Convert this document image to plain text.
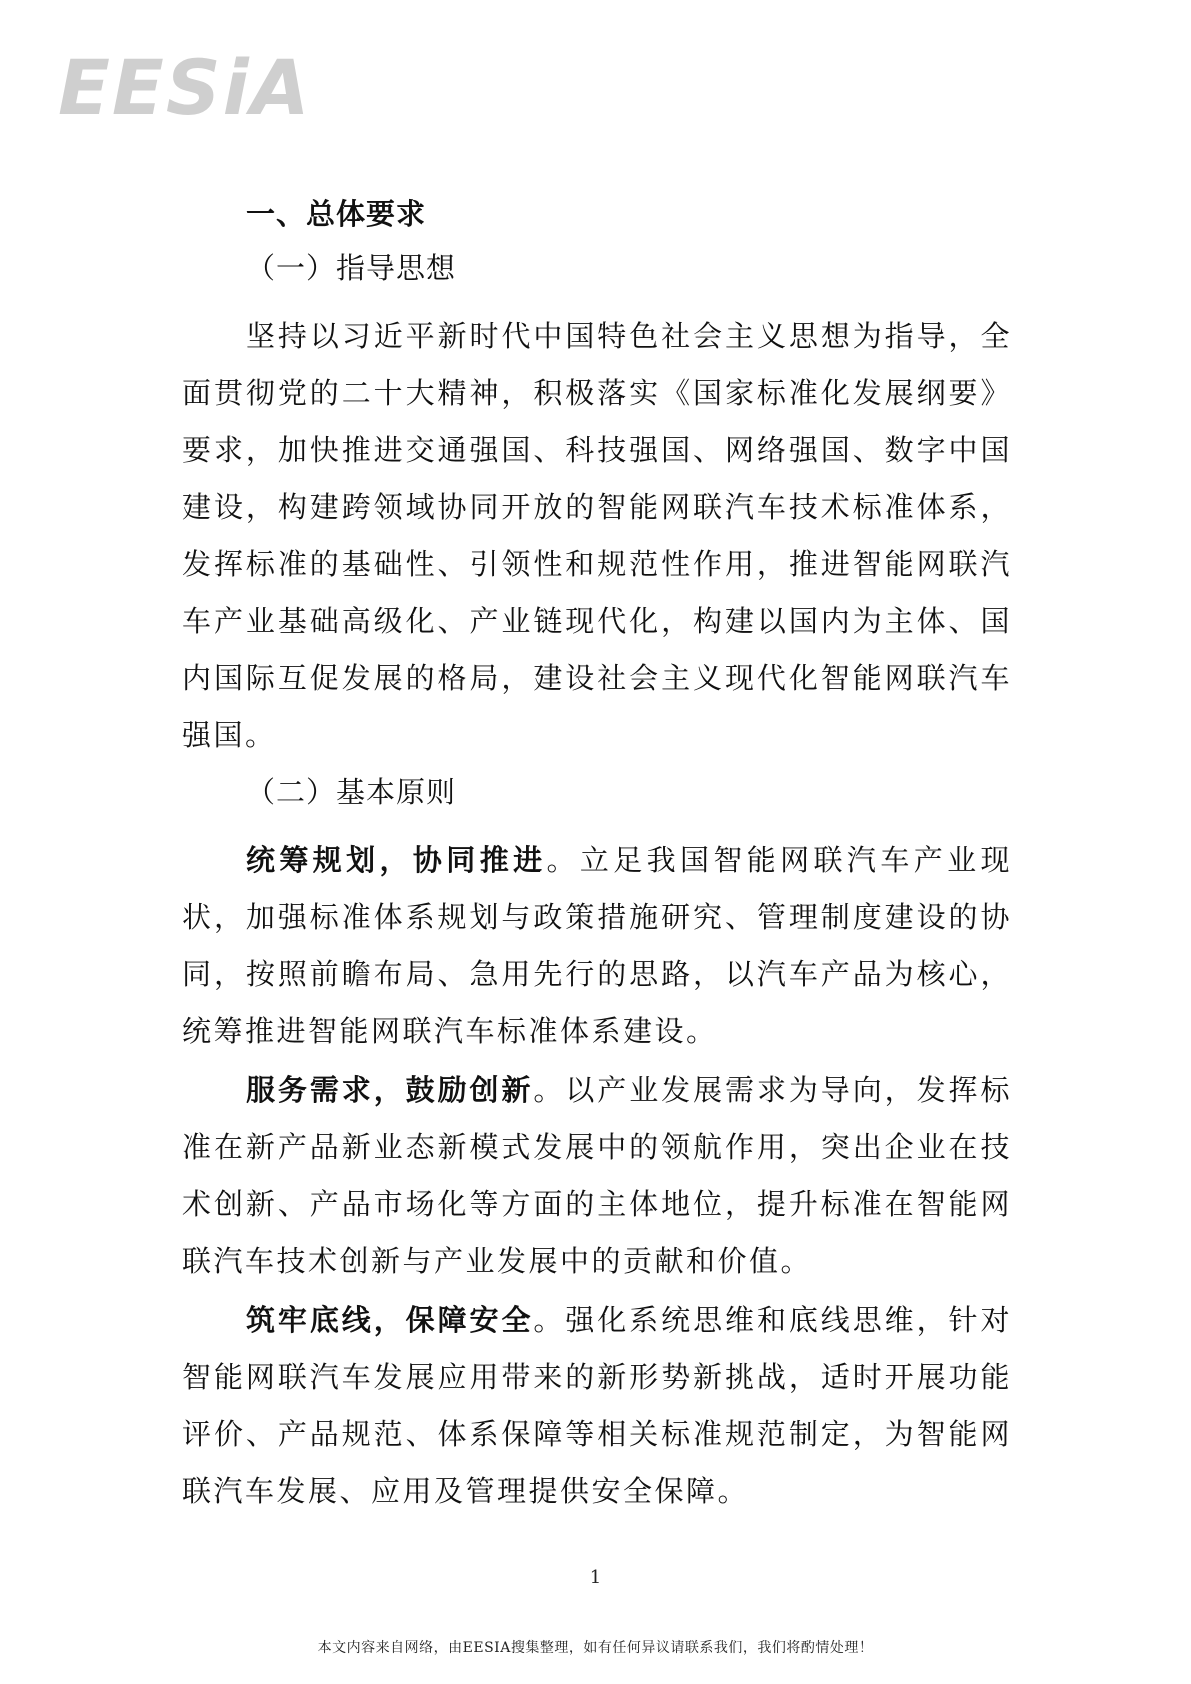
EESiA
一、总体要求
（一）指导思想

坚持以习近平新时代中国特色社会主义思想为指导，全面贯彻党的二十大精神，积极落实《国家标准化发展纲要》要求，加快推进交通强国、科技强国、网络强国、数字中国建设，构建跨领域协同开放的智能网联汽车技术标准体系，发挥标准的基础性、引领性和规范性作用，推进智能网联汽车产业基础高级化、产业链现代化，构建以国内为主体、国内国际互促发展的格局，建设社会主义现代化智能网联汽车强国。

（二）基本原则

统筹规划，协同推进。立足我国智能网联汽车产业现状，加强标准体系规划与政策措施研究、管理制度建设的协同，按照前瞻布局、急用先行的思路，以汽车产品为核心，统筹推进智能网联汽车标准体系建设。

服务需求，鼓励创新。以产业发展需求为导向，发挥标准在新产品新业态新模式发展中的领航作用，突出企业在技术创新、产品市场化等方面的主体地位，提升标准在智能网联汽车技术创新与产业发展中的贡献和价值。

筑牢底线，保障安全。强化系统思维和底线思维，针对智能网联汽车发展应用带来的新形势新挑战，适时开展功能评价、产品规范、体系保障等相关标准规范制定，为智能网联汽车发展、应用及管理提供安全保障。

1
本文内容来自网络，由EESIA搜集整理，如有任何异议请联系我们，我们将酌情处理！
